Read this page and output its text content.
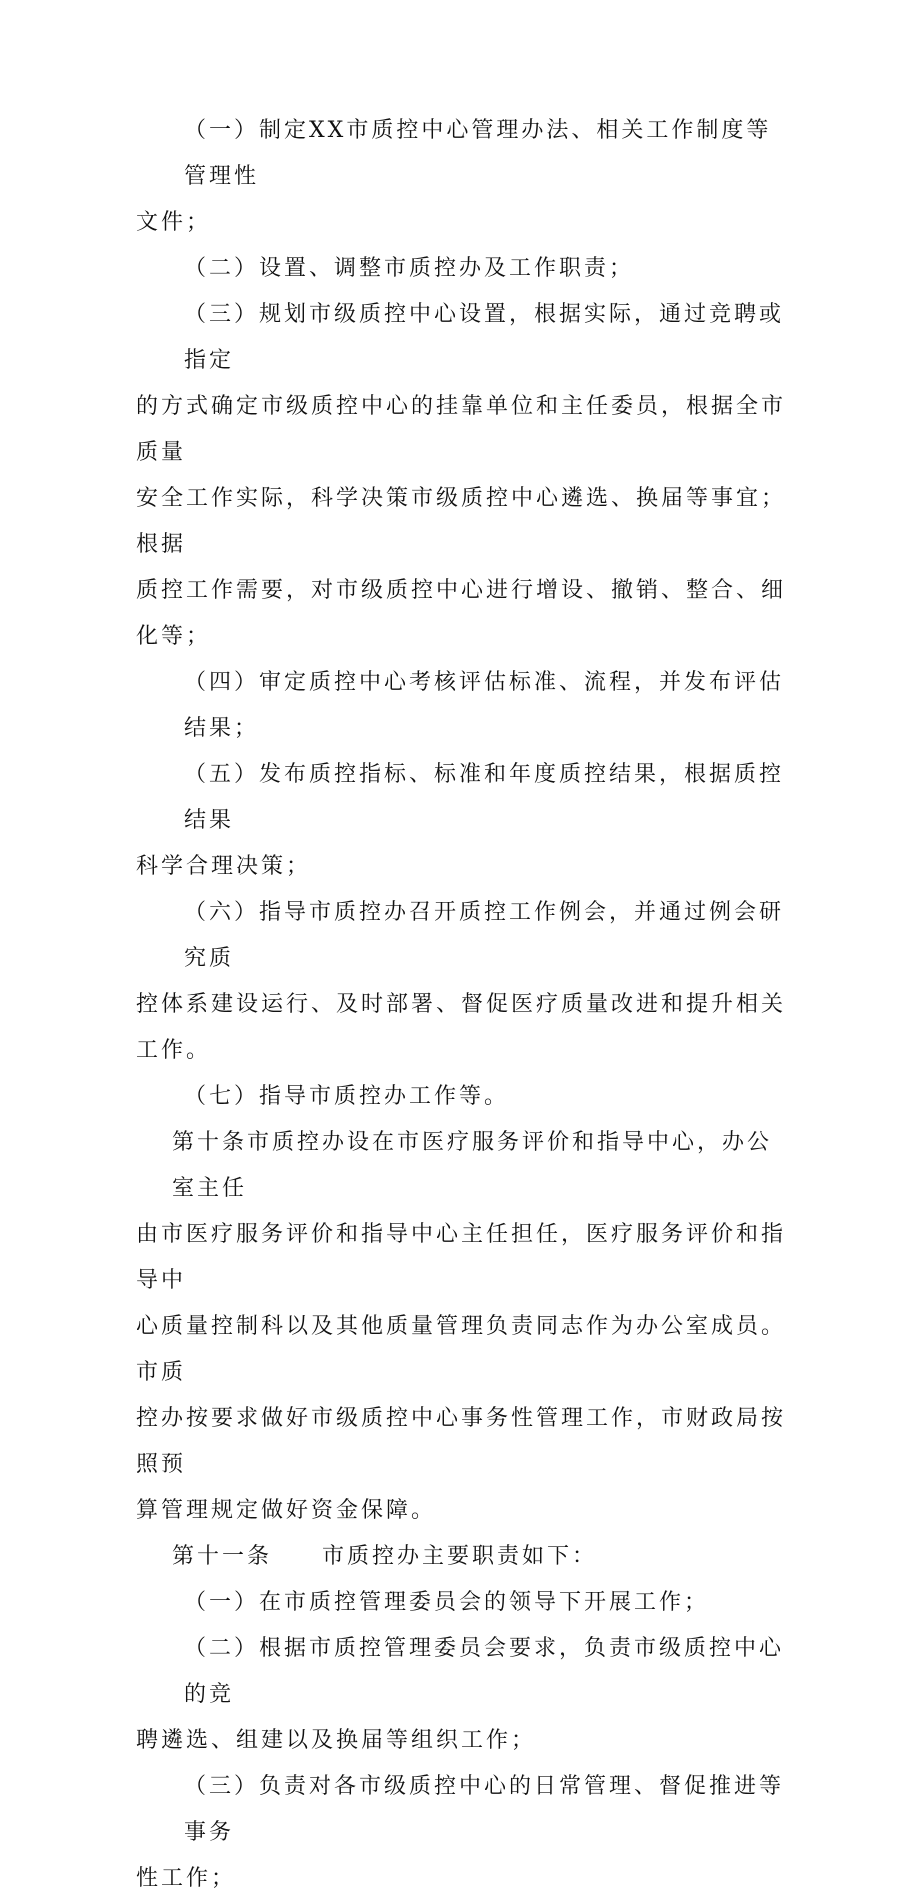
（一）制定XX市质控中心管理办法、相关工作制度等管理性
文件；
（二）设置、调整市质控办及工作职责；
（三）规划市级质控中心设置，根据实际，通过竞聘或指定
的方式确定市级质控中心的挂靠单位和主任委员，根据全市质量
安全工作实际，科学决策市级质控中心遴选、换届等事宜；根据
质控工作需要，对市级质控中心进行增设、撤销、整合、细化等；
（四）审定质控中心考核评估标准、流程，并发布评估结果；
（五）发布质控指标、标准和年度质控结果，根据质控结果
科学合理决策；
（六）指导市质控办召开质控工作例会，并通过例会研究质
控体系建设运行、及时部署、督促医疗质量改进和提升相关工作。
（七）指导市质控办工作等。
第十条市质控办设在市医疗服务评价和指导中心，办公室主任
由市医疗服务评价和指导中心主任担任，医疗服务评价和指导中
心质量控制科以及其他质量管理负责同志作为办公室成员。市质
控办按要求做好市级质控中心事务性管理工作，市财政局按照预
算管理规定做好资金保障。
第十一条　　市质控办主要职责如下：
（一）在市质控管理委员会的领导下开展工作；
（二）根据市质控管理委员会要求，负责市级质控中心的竞
聘遴选、组建以及换届等组织工作；
（三）负责对各市级质控中心的日常管理、督促推进等事务
性工作；
